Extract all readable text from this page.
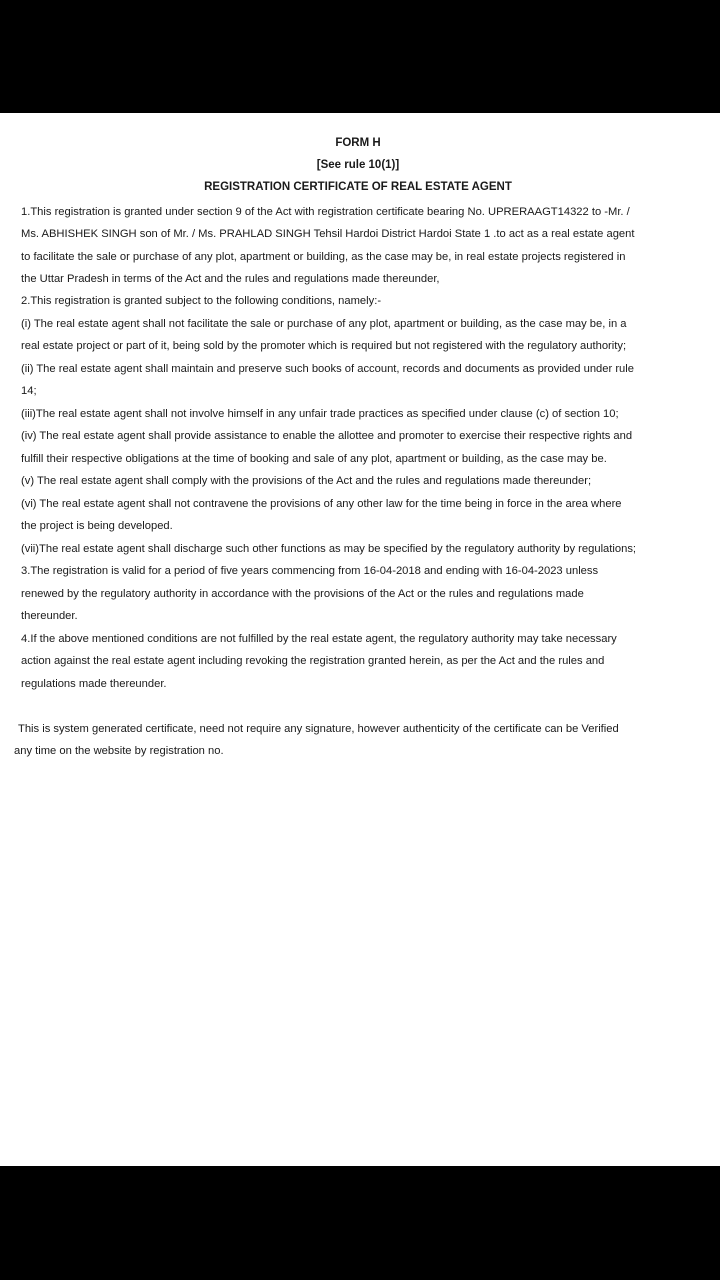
FORM H
[See rule 10(1)]
REGISTRATION CERTIFICATE OF REAL ESTATE AGENT
1.This registration is granted under section 9 of the Act with registration certificate bearing No. UPRERAAGT14322 to -Mr. /
Ms. ABHISHEK SINGH son of Mr. / Ms. PRAHLAD SINGH Tehsil Hardoi District Hardoi State 1 .to act as a real estate agent
to facilitate the sale or purchase of any plot, apartment or building, as the case may be, in real estate projects registered in
the Uttar Pradesh in terms of the Act and the rules and regulations made thereunder,
2.This registration is granted subject to the following conditions, namely:-
(i) The real estate agent shall not facilitate the sale or purchase of any plot, apartment or building, as the case may be, in a
real estate project or part of it, being sold by the promoter which is required but not registered with the regulatory authority;
(ii) The real estate agent shall maintain and preserve such books of account, records and documents as provided under rule
14;
(iii)The real estate agent shall not involve himself in any unfair trade practices as specified under clause (c) of section 10;
(iv) The real estate agent shall provide assistance to enable the allottee and promoter to exercise their respective rights and
fulfill their respective obligations at the time of booking and sale of any plot, apartment or building, as the case may be.
(v) The real estate agent shall comply with the provisions of the Act and the rules and regulations made thereunder;
(vi) The real estate agent shall not contravene the provisions of any other law for the time being in force in the area where
the project is being developed.
(vii)The real estate agent shall discharge such other functions as may be specified by the regulatory authority by regulations;
3.The registration is valid for a period of five years commencing from 16-04-2018 and ending with 16-04-2023 unless
renewed by the regulatory authority in accordance with the provisions of the Act or the rules and regulations made
thereunder.
4.If the above mentioned conditions are not fulfilled by the real estate agent, the regulatory authority may take necessary
action against the real estate agent including revoking the registration granted herein, as per the Act and the rules and
regulations made thereunder.
This is system generated certificate, need not require any signature, however authenticity of the certificate can be Verified
any time on the website by registration no.
